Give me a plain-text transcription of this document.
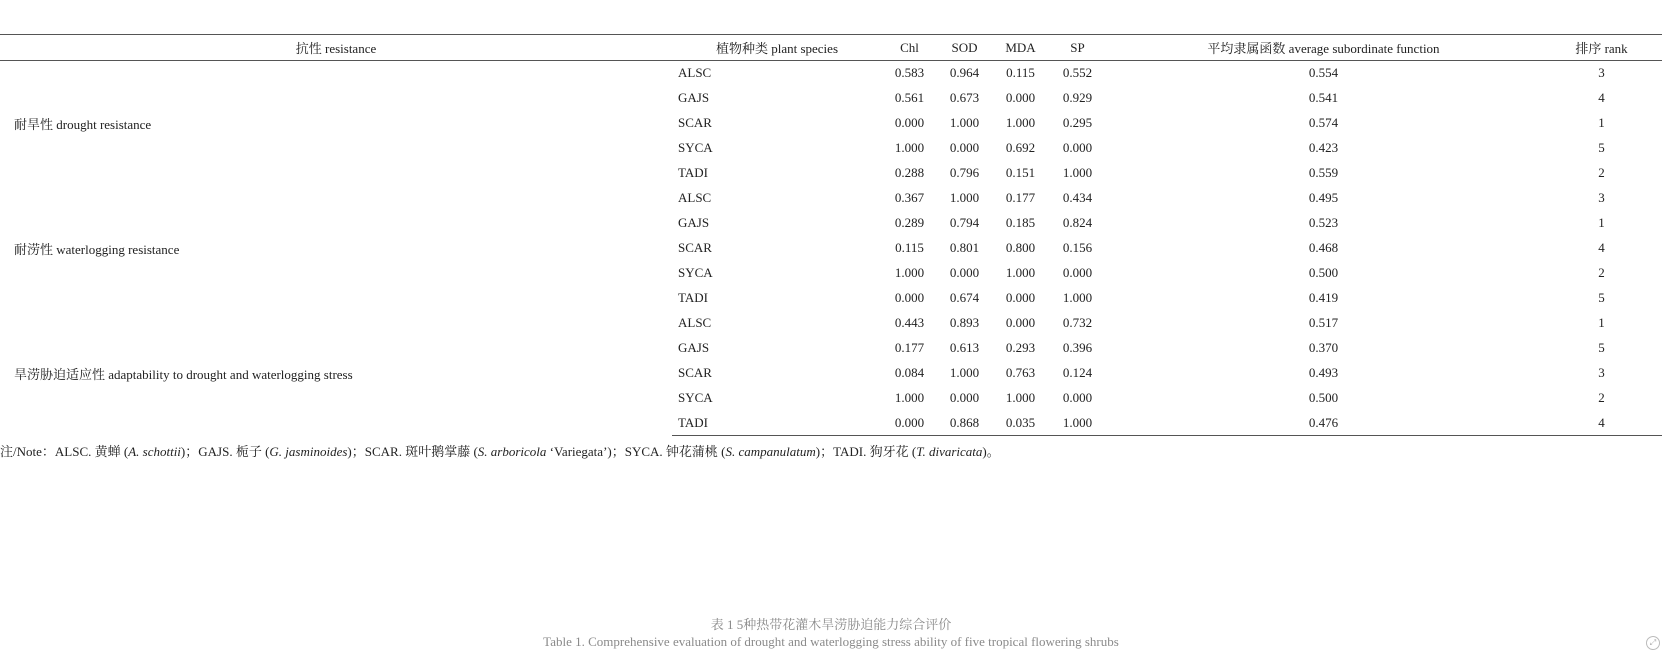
抗性 resistance	植物种类 plant species	Chl	SOD	MDA	SP	平均隶属函数 average subordinate function	排序 rank
耐旱性 drought resistance	ALSC	0.583	0.964	0.115	0.552	0.554	3
	GAJS	0.561	0.673	0.000	0.929	0.541	4
	SCAR	0.000	1.000	1.000	0.295	0.574	1
	SYCA	1.000	0.000	0.692	0.000	0.423	5
	TADI	0.288	0.796	0.151	1.000	0.559	2
耐涝性 waterlogging resistance	ALSC	0.367	1.000	0.177	0.434	0.495	3
	GAJS	0.289	0.794	0.185	0.824	0.523	1
	SCAR	0.115	0.801	0.800	0.156	0.468	4
	SYCA	1.000	0.000	1.000	0.000	0.500	2
	TADI	0.000	0.674	0.000	1.000	0.419	5
旱涝胁迫适应性 adaptability to drought and waterlogging stress	ALSC	0.443	0.893	0.000	0.732	0.517	1
	GAJS	0.177	0.613	0.293	0.396	0.370	5
	SCAR	0.084	1.000	0.763	0.124	0.493	3
	SYCA	1.000	0.000	1.000	0.000	0.500	2
	TADI	0.000	0.868	0.035	1.000	0.476	4
注/Note：ALSC. 黄蝉 (A. schottii)；GAJS. 栀子 (G. jasminoides)；SCAR. 斑叶鹅掌藤 (S. arboricola ‘Variegata’)；SYCA. 钟花蒲桃 (S. campanulatum)；TADI. 狗牙花 (T. divaricata)。
表 1 5种热带花灌木旱涝胁迫能力综合评价
Table 1. Comprehensive evaluation of drought and waterlogging stress ability of five tropical flowering shrubs	⤢
